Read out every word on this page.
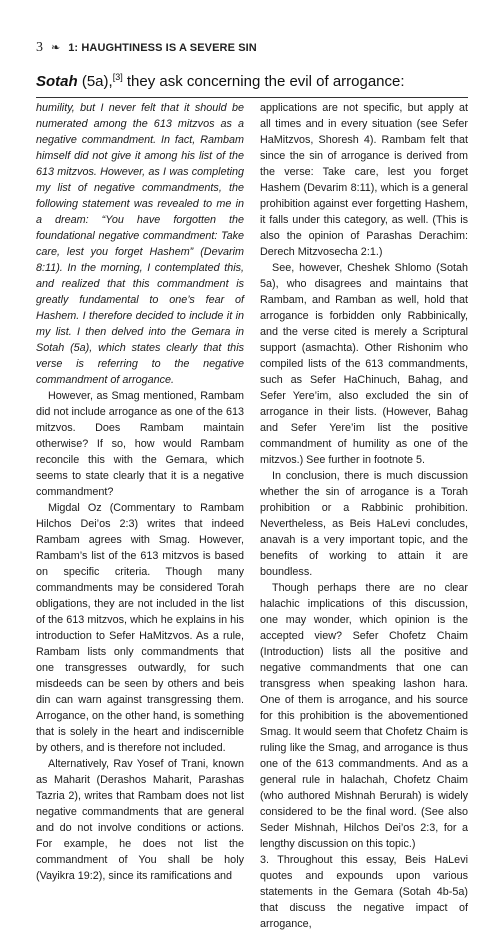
3 ❧ 1: HAUGHTINESS IS A SEVERE SIN
Sotah (5a),[3] they ask concerning the evil of arrogance:

humility, but I never felt that it should be numerated among the 613 mitzvos as a negative commandment. In fact, Rambam himself did not give it among his list of the 613 mitzvos. However, as I was completing my list of negative commandments, the following statement was revealed to me in a dream: “You have forgotten the foundational negative commandment: Take care, lest you forget Hashem” (Devarim 8:11). In the morning, I contemplated this, and realized that this commandment is greatly fundamental to one’s fear of Hashem. I therefore decided to include it in my list. I then delved into the Gemara in Sotah (5a), which states clearly that this verse is referring to the negative commandment of arrogance.

However, as Smag mentioned, Rambam did not include arrogance as one of the 613 mitzvos. Does Rambam maintain otherwise? If so, how would Rambam reconcile this with the Gemara, which seems to state clearly that it is a negative commandment?

Migdal Oz (Commentary to Rambam Hilchos Dei’os 2:3) writes that indeed Rambam agrees with Smag. However, Rambam’s list of the 613 mitzvos is based on specific criteria. Though many commandments may be considered Torah obligations, they are not included in the list of the 613 mitzvos, which he explains in his introduction to Sefer HaMitzvos. As a rule, Rambam lists only commandments that one transgresses outwardly, for such misdeeds can be seen by others and beis din can warn against transgressing them. Arrogance, on the other hand, is something that is solely in the heart and indiscernible by others, and is therefore not included.

Alternatively, Rav Yosef of Trani, known as Maharit (Derashos Maharit, Parashas Tazria 2), writes that Rambam does not list negative commandments that are general and do not involve conditions or actions. For example, he does not list the commandment of You shall be holy (Vayikra 19:2), since its ramifications and

applications are not specific, but apply at all times and in every situation (see Sefer HaMitzvos, Shoresh 4). Rambam felt that since the sin of arrogance is derived from the verse: Take care, lest you forget Hashem (Devarim 8:11), which is a general prohibition against ever forgetting Hashem, it falls under this category, as well. (This is also the opinion of Parashas Derachim: Derech Mitzvosecha 2:1.)

See, however, Cheshek Shlomo (Sotah 5a), who disagrees and maintains that Rambam, and Ramban as well, hold that arrogance is forbidden only Rabbinically, and the verse cited is merely a Scriptural support (asmachta). Other Rishonim who compiled lists of the 613 commandments, such as Sefer HaChinuch, Bahag, and Sefer Yere’im, also excluded the sin of arrogance in their lists. (However, Bahag and Sefer Yere’im list the positive commandment of humility as one of the mitzvos.) See further in footnote 5.

In conclusion, there is much discussion whether the sin of arrogance is a Torah prohibition or a Rabbinic prohibition. Nevertheless, as Beis HaLevi concludes, anavah is a very important topic, and the benefits of working to attain it are boundless.

Though perhaps there are no clear halachic implications of this discussion, one may wonder, which opinion is the accepted view? Sefer Chofetz Chaim (Introduction) lists all the positive and negative commandments that one can transgress when speaking lashon hara. One of them is arrogance, and his source for this prohibition is the abovementioned Smag. It would seem that Chofetz Chaim is ruling like the Smag, and arrogance is thus one of the 613 commandments. And as a general rule in halachah, Chofetz Chaim (who authored Mishnah Berurah) is widely considered to be the final word. (See also Seder Mishnah, Hilchos Dei’os 2:3, for a lengthy discussion on this topic.)

3. Throughout this essay, Beis HaLevi quotes and expounds upon various statements in the Gemara (Sotah 4b-5a) that discuss the negative impact of arrogance,
